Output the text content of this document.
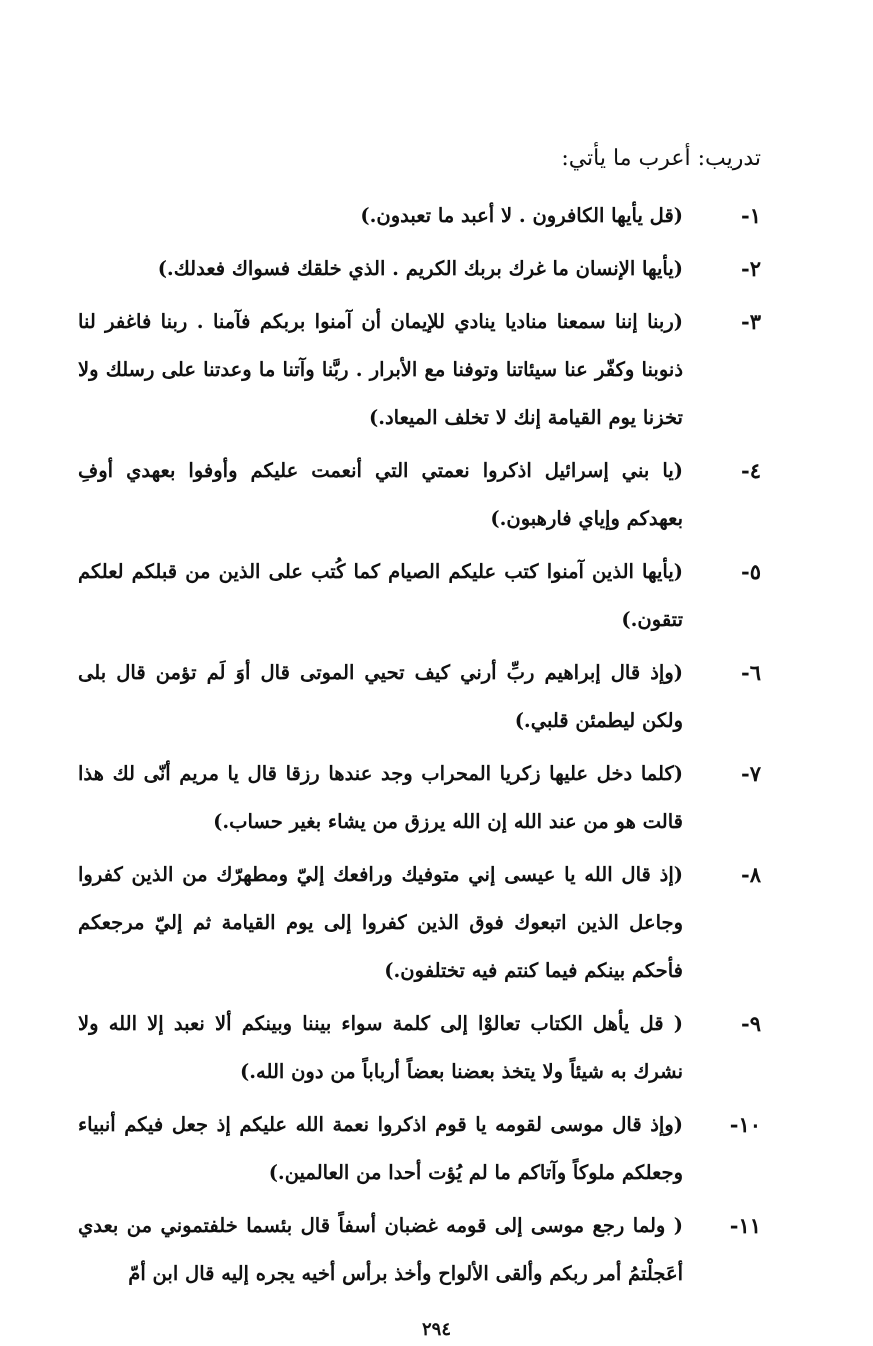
تدريب: أعرب ما يأتي:
١-
(قل يأيها الكافرون . لا أعبد ما تعبدون.)
٢-
(يأيها الإنسان ما غرك بربك الكريم . الذي خلقك فسواك فعدلك.)
٣-
(ربنا إننا سمعنا مناديا ينادي للإيمان أن آمنوا بربكم فآمنا . ربنا فاغفر لنا ذنوبنا وكفّر عنا سيئاتنا وتوفنا مع الأبرار . ربَّنا وآتنا ما وعدتنا على رسلك ولا تخزنا يوم القيامة إنك لا تخلف الميعاد.)
٤-
(يا بني إسرائيل اذكروا نعمتي التي أنعمت عليكم وأوفوا بعهدي أوفِ بعهدكم وإياي فارهبون.)
٥-
(يأيها الذين آمنوا كتب عليكم الصيام كما كُتب على الذين من قبلكم لعلكم تتقون.)
٦-
(وإذ قال إبراهيم ربِّ أرني كيف تحيي الموتى قال أوَ لَم تؤمن قال بلى ولكن ليطمئن قلبي.)
٧-
(كلما دخل عليها زكريا المحراب وجد عندها رزقا قال يا مريم أنّى لك هذا قالت هو من عند الله إن الله يرزق من يشاء بغير حساب.)
٨-
(إذ قال الله يا عيسى إني متوفيك ورافعك إليّ ومطهرّك من الذين كفروا وجاعل الذين اتبعوك فوق الذين كفروا إلى يوم القيامة ثم إليّ مرجعكم فأحكم بينكم فيما كنتم فيه تختلفون.)
٩-
( قل يأهل الكتاب تعالوْا إلى كلمة سواء بيننا وبينكم ألا نعبد إلا الله ولا نشرك به شيئاً ولا يتخذ بعضنا بعضاً أرباباً من دون الله.)
١٠-
(وإذ قال موسى لقومه يا قوم اذكروا نعمة الله عليكم إذ جعل فيكم أنبياء وجعلكم ملوكاً وآتاكم ما لم يُؤت أحدا من العالمين.)
١١-
( ولما رجع موسى إلى قومه غضبان أسفاً قال بئسما خلفتموني من بعدي أعَجلْتمُ أمر ربكم وألقى الألواح وأخذ برأس أخيه يجره إليه قال ابن أمّ
٢٩٤
